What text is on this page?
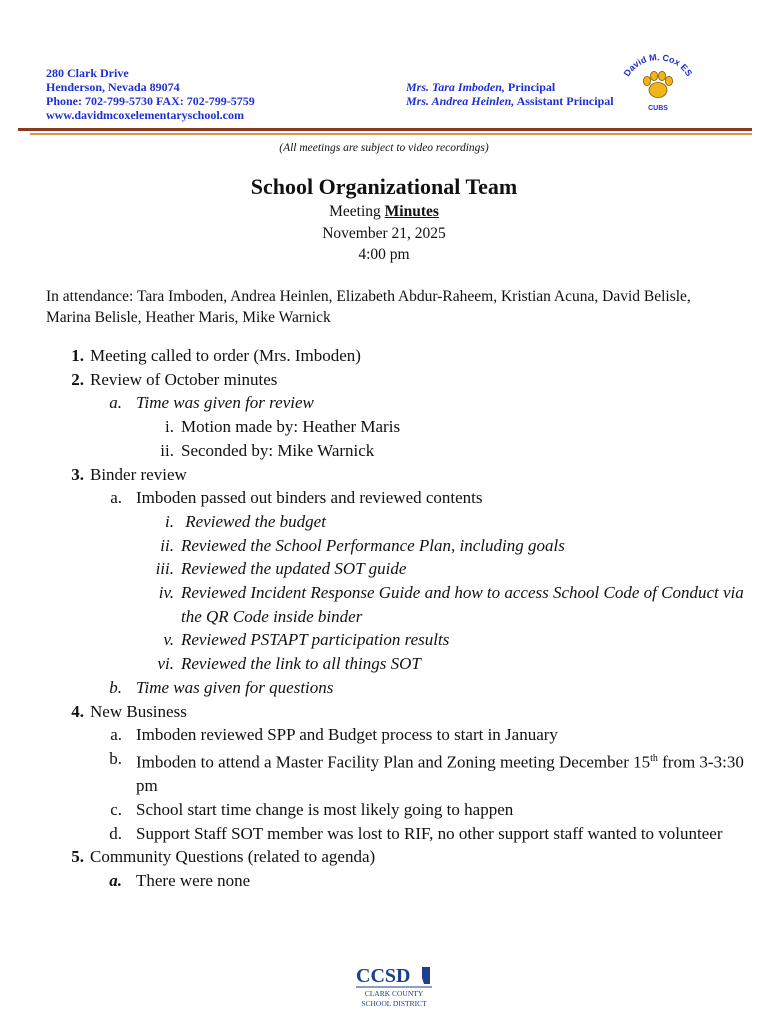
280 Clark Drive
Henderson, Nevada 89074
Phone: 702-799-5730 FAX: 702-799-5759
www.davidmcoxelementaryschool.com
Mrs. Tara Imboden, Principal
Mrs. Andrea Heinlen, Assistant Principal
David M. Cox ES
CUBS
(All meetings are subject to video recordings)
School Organizational Team
Meeting Minutes
November 21, 2025
4:00 pm
In attendance: Tara Imboden, Andrea Heinlen, Elizabeth Abdur-Raheem, Kristian Acuna, David Belisle, Marina Belisle, Heather Maris, Mike Warnick
1. Meeting called to order (Mrs. Imboden)
2. Review of October minutes
a. Time was given for review
i. Motion made by: Heather Maris
ii. Seconded by: Mike Warnick
3. Binder review
a. Imboden passed out binders and reviewed contents
i. Reviewed the budget
ii. Reviewed the School Performance Plan, including goals
iii. Reviewed the updated SOT guide
iv. Reviewed Incident Response Guide and how to access School Code of Conduct via the QR Code inside binder
v. Reviewed PSTAPT participation results
vi. Reviewed the link to all things SOT
b. Time was given for questions
4. New Business
a. Imboden reviewed SPP and Budget process to start in January
b. Imboden to attend a Master Facility Plan and Zoning meeting December 15th from 3-3:30 pm
c. School start time change is most likely going to happen
d. Support Staff SOT member was lost to RIF, no other support staff wanted to volunteer
5. Community Questions (related to agenda)
a. There were none
CCSD
CLARK COUNTY
SCHOOL DISTRICT
